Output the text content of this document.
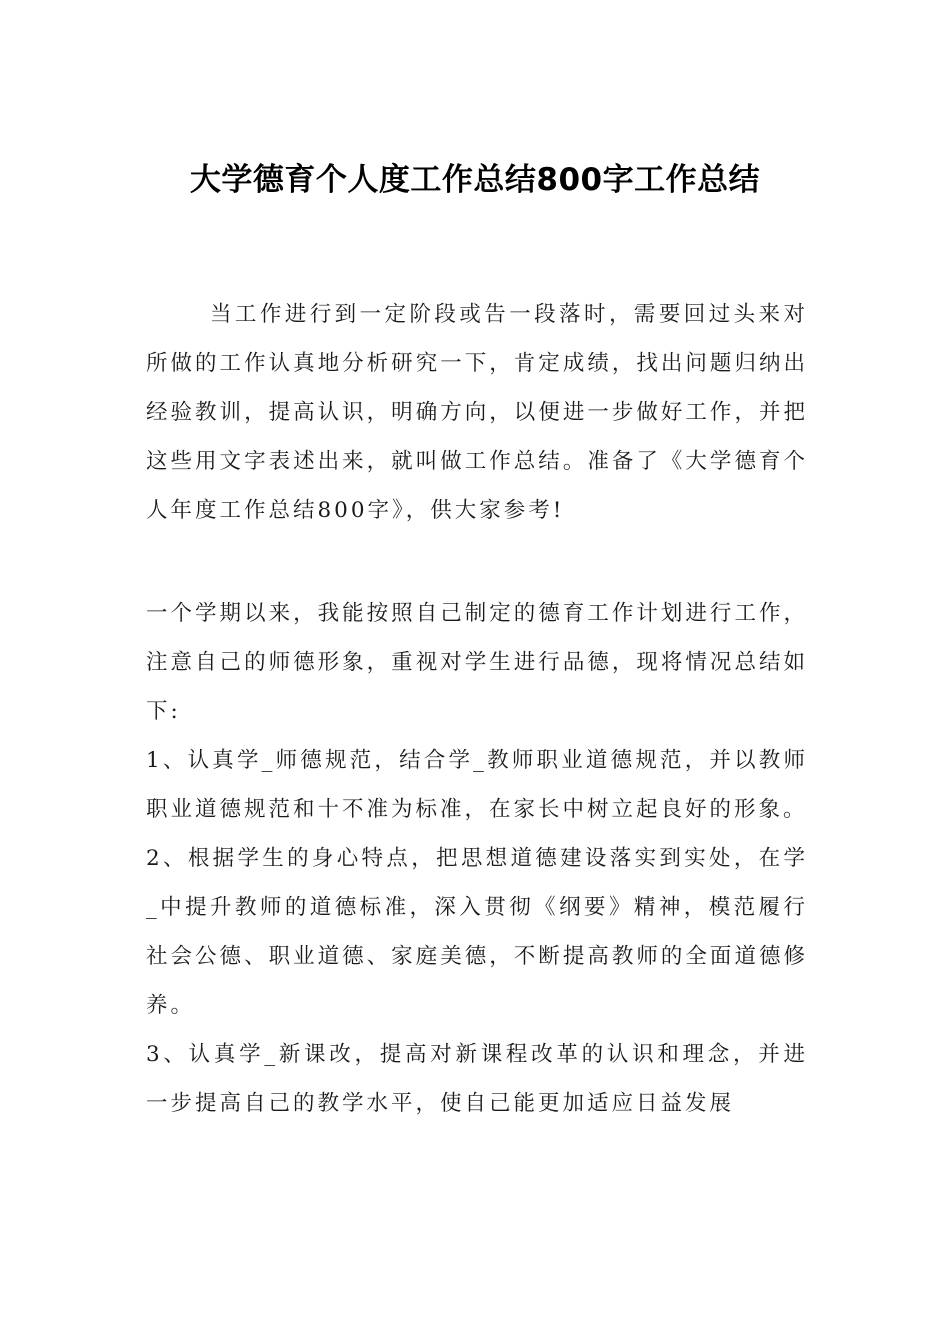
大学德育个人度工作总结800字工作总结

当工作进行到一定阶段或告一段落时，需要回过头来对所做的工作认真地分析研究一下，肯定成绩，找出问题归纳出经验教训，提高认识，明确方向，以便进一步做好工作，并把这些用文字表述出来，就叫做工作总结。准备了《大学德育个人年度工作总结800字》，供大家参考!

一个学期以来，我能按照自己制定的德育工作计划进行工作，注意自己的师德形象，重视对学生进行品德，现将情况总结如下:

1、认真学_师德规范，结合学_教师职业道德规范，并以教师职业道德规范和十不准为标准，在家长中树立起良好的形象。

2、根据学生的身心特点，把思想道德建设落实到实处，在学_中提升教师的道德标准，深入贯彻《纲要》精神，模范履行社会公德、职业道德、家庭美德，不断提高教师的全面道德修养。

3、认真学_新课改，提高对新课程改革的认识和理念，并进一步提高自己的教学水平，使自己能更加适应日益发展
